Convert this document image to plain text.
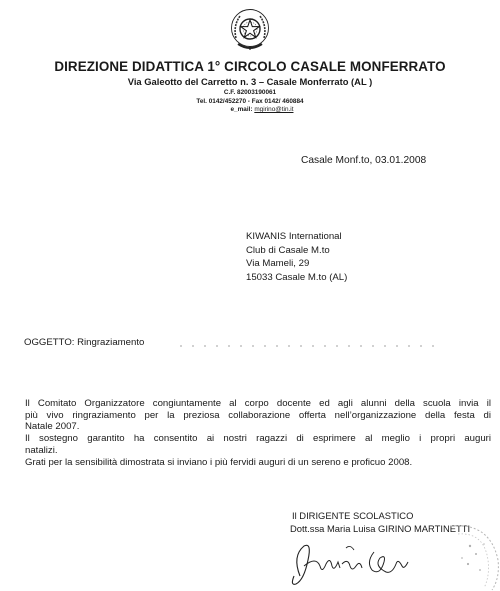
DIREZIONE DIDATTICA 1° CIRCOLO CASALE MONFERRATO
Via Galeotto del Carretto n. 3 – Casale Monferrato (AL )
C.F. 82003190061
Tel. 0142/452270 - Fax 0142/ 460884
e_mail: mgirino@tin.it
Casale Monf.to, 03.01.2008
KIWANIS International
Club di Casale M.to
Via Mameli, 29
15033 Casale M.to (AL)
OGGETTO: Ringraziamento
Il Comitato Organizzatore congiuntamente al corpo docente ed agli alunni della scuola invia il
più vivo ringraziamento per la preziosa collaborazione offerta nell’organizzazione della festa di
Natale 2007.
Il sostegno garantito ha consentito ai nostri ragazzi di esprimere al meglio i propri auguri
natalizi.
Grati per la sensibilità dimostrata si inviano i più fervidi auguri di un sereno e proficuo 2008.
Il DIRIGENTE SCOLASTICO
Dott.ssa Maria Luisa GIRINO MARTINETTI
